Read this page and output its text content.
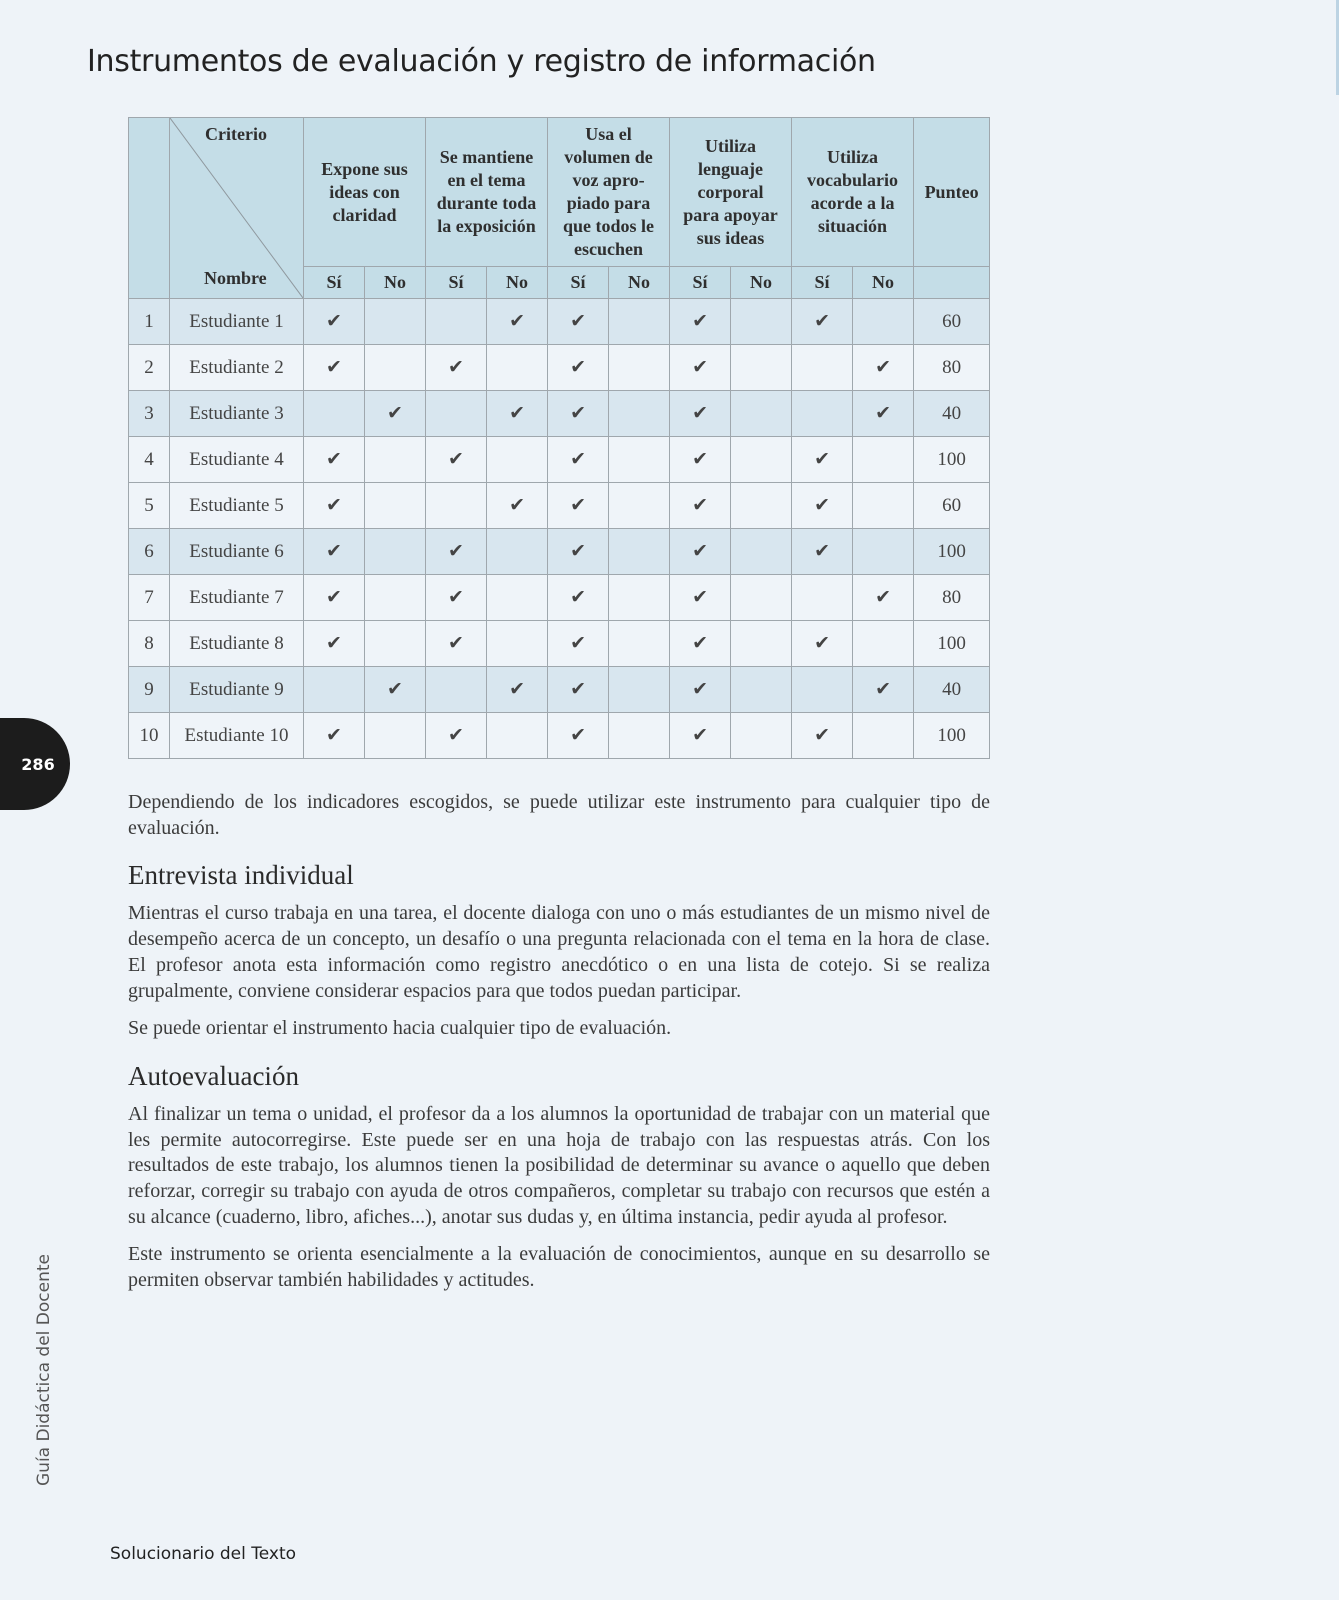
Instrumentos de evaluación y registro de información

	Criterio
Nombre	Expone sus ideas con claridad		Se mantiene en el tema durante toda la exposición		Usa el volumen de voz apro-piado para que todos le escuchen		Utiliza lenguaje corporal para apoyar sus ideas		Utiliza vocabulario acorde a la situación		Punteo
		Sí	No	Sí	No	Sí	No	Sí	No	Sí	No	
1	Estudiante 1	✔			✔	✔		✔		✔		60
2	Estudiante 2	✔		✔		✔		✔			✔	80
3	Estudiante 3		✔		✔	✔		✔			✔	40
4	Estudiante 4	✔		✔		✔		✔		✔		100
5	Estudiante 5	✔			✔	✔		✔		✔		60
6	Estudiante 6	✔		✔		✔		✔		✔		100
7	Estudiante 7	✔		✔		✔		✔			✔	80
8	Estudiante 8	✔		✔		✔		✔		✔		100
9	Estudiante 9		✔		✔	✔		✔			✔	40
10	Estudiante 10	✔		✔		✔		✔		✔		100
286
Guía Didáctica del Docente

Dependiendo de los indicadores escogidos, se puede utilizar este instrumento para cualquier tipo de evaluación.

Entrevista individual

Mientras el curso trabaja en una tarea, el docente dialoga con uno o más estudiantes de un mismo nivel de desempeño acerca de un concepto, un desafío o una pregunta relacionada con el tema en la hora de clase. El profesor anota esta información como registro anecdótico o en una lista de cotejo. Si se realiza grupalmente, conviene considerar espacios para que todos puedan participar.

Se puede orientar el instrumento hacia cualquier tipo de evaluación.

Autoevaluación

Al finalizar un tema o unidad, el profesor da a los alumnos la oportunidad de trabajar con un material que les permite autocorregirse. Este puede ser en una hoja de trabajo con las respuestas atrás. Con los resultados de este trabajo, los alumnos tienen la posibilidad de determinar su avance o aquello que deben reforzar, corregir su trabajo con ayuda de otros compañeros, completar su trabajo con recursos que estén a su alcance (cuaderno, libro, afiches...), anotar sus dudas y, en última instancia, pedir ayuda al profesor.

Este instrumento se orienta esencialmente a la evaluación de conocimientos, aunque en su desarrollo se permiten observar también habilidades y actitudes.

Solucionario del Texto
